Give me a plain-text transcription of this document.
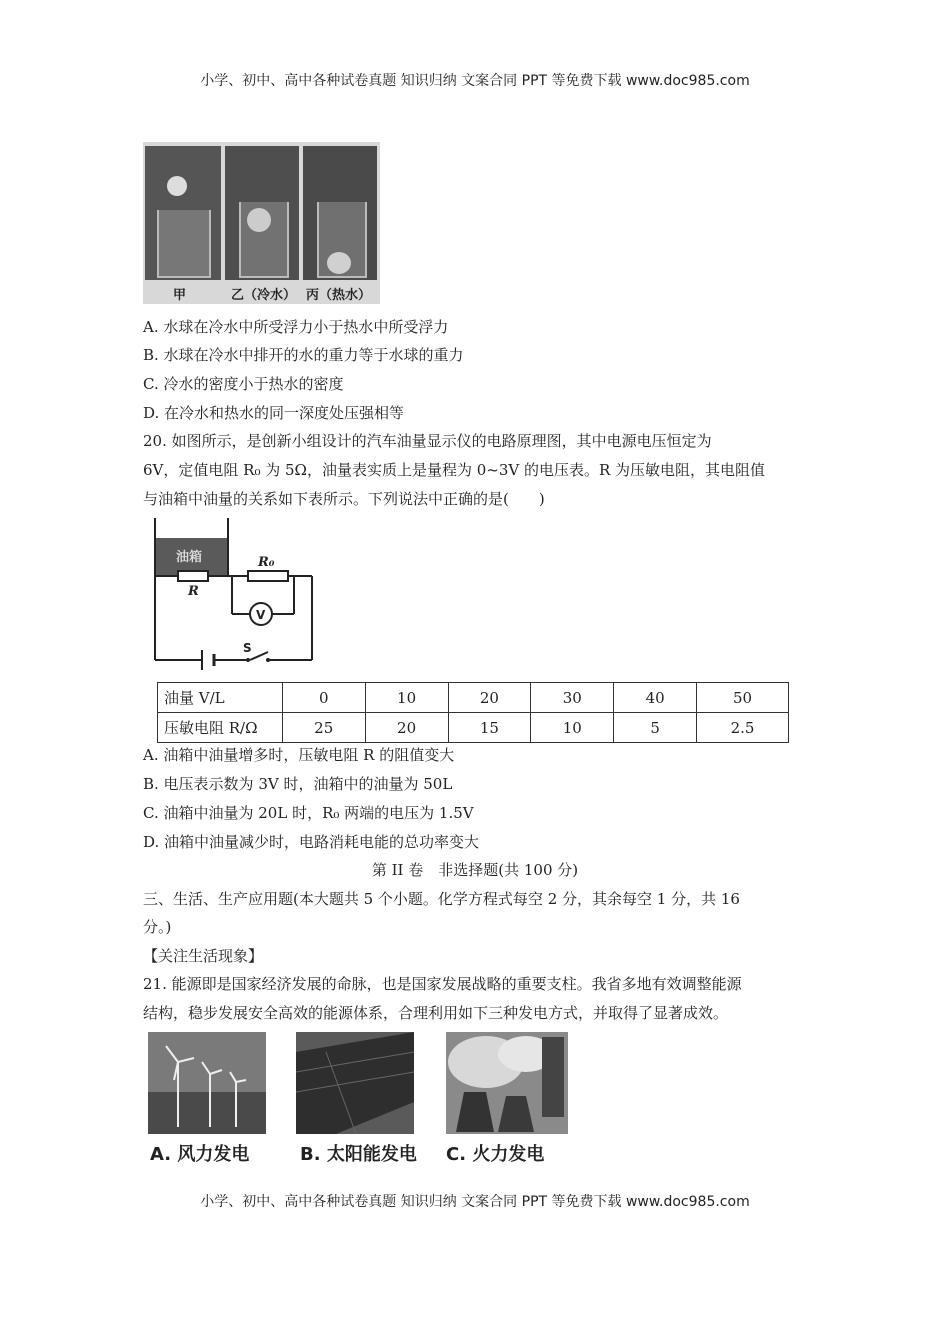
小学、初中、高中各种试卷真题 知识归纳 文案合同 PPT 等免费下载 www.doc985.com
甲	乙（冷水） 丙（热水）
A. 水球在冷水中所受浮力小于热水中所受浮力
B. 水球在冷水中排开的水的重力等于水球的重力
C. 冷水的密度小于热水的密度
D. 在冷水和热水的同一深度处压强相等
20. 如图所示，是创新小组设计的汽车油量显示仪的电路原理图，其中电源电压恒定为
6V，定值电阻 R₀ 为 5Ω，油量表实质上是量程为 0~3V 的电压表。R 为压敏电阻，其电阻值
与油箱中油量的关系如下表所示。下列说法中正确的是(　　)
油箱
R
R₀
V
S
油量 V/L	0	10	20	30	40	50
压敏电阻 R/Ω	25	20	15	10	5	2.5
A. 油箱中油量增多时，压敏电阻 R 的阻值变大
B. 电压表示数为 3V 时，油箱中的油量为 50L
C. 油箱中油量为 20L 时，R₀ 两端的电压为 1.5V
D. 油箱中油量减少时，电路消耗电能的总功率变大
第 II 卷　非选择题(共 100 分)
三、生活、生产应用题(本大题共 5 个小题。化学方程式每空 2 分，其余每空 1 分，共 16
分。)
【关注生活现象】
21. 能源即是国家经济发展的命脉，也是国家发展战略的重要支柱。我省多地有效调整能源
结构，稳步发展安全高效的能源体系，合理利用如下三种发电方式，并取得了显著成效。
A. 风力发电	B. 太阳能发电 C. 火力发电
小学、初中、高中各种试卷真题 知识归纳 文案合同 PPT 等免费下载 www.doc985.com
